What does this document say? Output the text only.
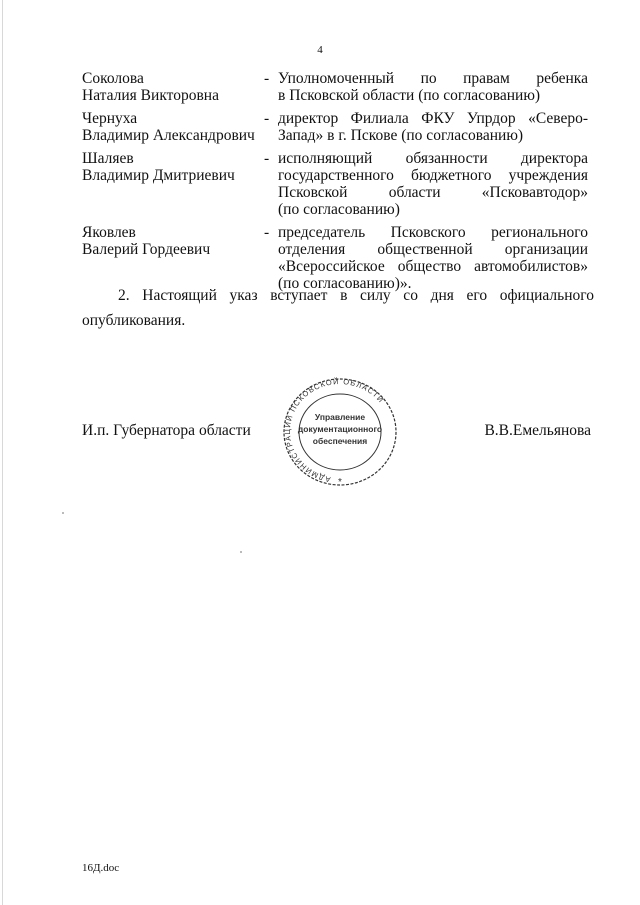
4
Соколова
Наталия Викторовна
- Уполномоченный по правам ребенка
в Псковской области (по согласованию)
Чернуха
Владимир Александрович
- директор Филиала ФКУ Упрдор «Северо-
Запад» в г. Пскове (по согласованию)
Шаляев
Владимир Дмитриевич
- исполняющий обязанности директора
государственного бюджетного учреждения
Псковской области «Псковавтодор»
(по согласованию)
Яковлев
Валерий Гордеевич
- председатель Псковского регионального
отделения общественной организации
«Всероссийское общество автомобилистов»
(по согласованию)».
2. Настоящий указ вступает в силу со дня его официального
опубликования.
И.п. Губернатора области	В.В.Емельянова
АДМИНИСТРАЦИИ ПСКОВСКОЙ ОБЛАСТИ
Управление
документационного
обеспечения
*
16Д.doc
